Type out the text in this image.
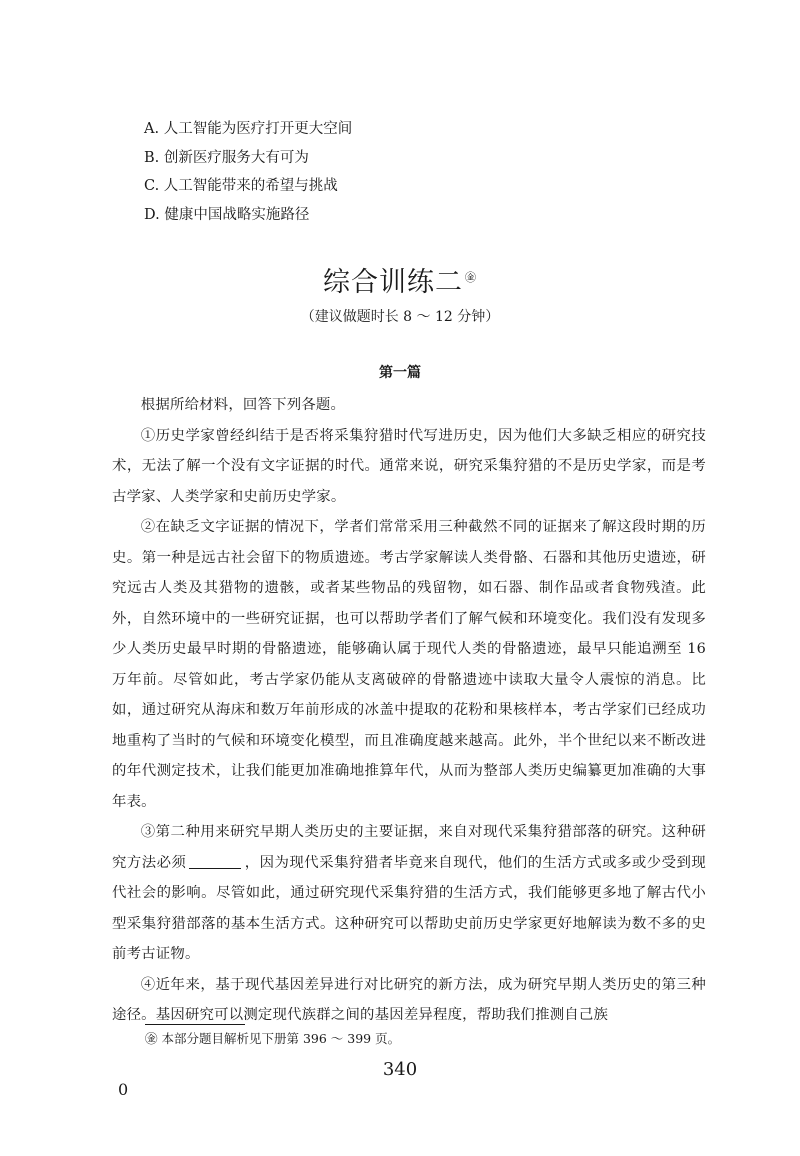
A. 人工智能为医疗打开更大空间
B. 创新医疗服务大有可为
C. 人工智能带来的希望与挑战
D. 健康中国战略实施路径
综合训练二 ㊎
（建议做题时长 8 ～ 12 分钟）
第一篇

根据所给材料，回答下列各题。

①历史学家曾经纠结于是否将采集狩猎时代写进历史，因为他们大多缺乏相应的研究技术，无法了解一个没有文字证据的时代。通常来说，研究采集狩猎的不是历史学家，而是考古学家、人类学家和史前历史学家。

②在缺乏文字证据的情况下，学者们常常采用三种截然不同的证据来了解这段时期的历史。第一种是远古社会留下的物质遗迹。考古学家解读人类骨骼、石器和其他历史遗迹，研究远古人类及其猎物的遗骸，或者某些物品的残留物，如石器、制作品或者食物残渣。此外，自然环境中的一些研究证据，也可以帮助学者们了解气候和环境变化。我们没有发现多少人类历史最早时期的骨骼遗迹，能够确认属于现代人类的骨骼遗迹，最早只能追溯至 16 万年前。尽管如此，考古学家仍能从支离破碎的骨骼遗迹中读取大量令人震惊的消息。比如，通过研究从海床和数万年前形成的冰盖中提取的花粉和果核样本，考古学家们已经成功地重构了当时的气候和环境变化模型，而且准确度越来越高。此外，半个世纪以来不断改进的年代测定技术，让我们能更加准确地推算年代，从而为整部人类历史编纂更加准确的大事年表。

③第二种用来研究早期人类历史的主要证据，来自对现代采集狩猎部落的研究。这种研究方法必须	，因为现代采集狩猎者毕竟来自现代，他们的生活方式或多或少受到现代社会的影响。尽管如此，通过研究现代采集狩猎的生活方式，我们能够更多地了解古代小型采集狩猎部落的基本生活方式。这种研究可以帮助史前历史学家更好地解读为数不多的史前考古证物。

④近年来，基于现代基因差异进行对比研究的新方法，成为研究早期人类历史的第三种途径。基因研究可以测定现代族群之间的基因差异程度，帮助我们推测自己族

㊎ 本部分题目解析见下册第 396 ～ 399 页。
340
0
